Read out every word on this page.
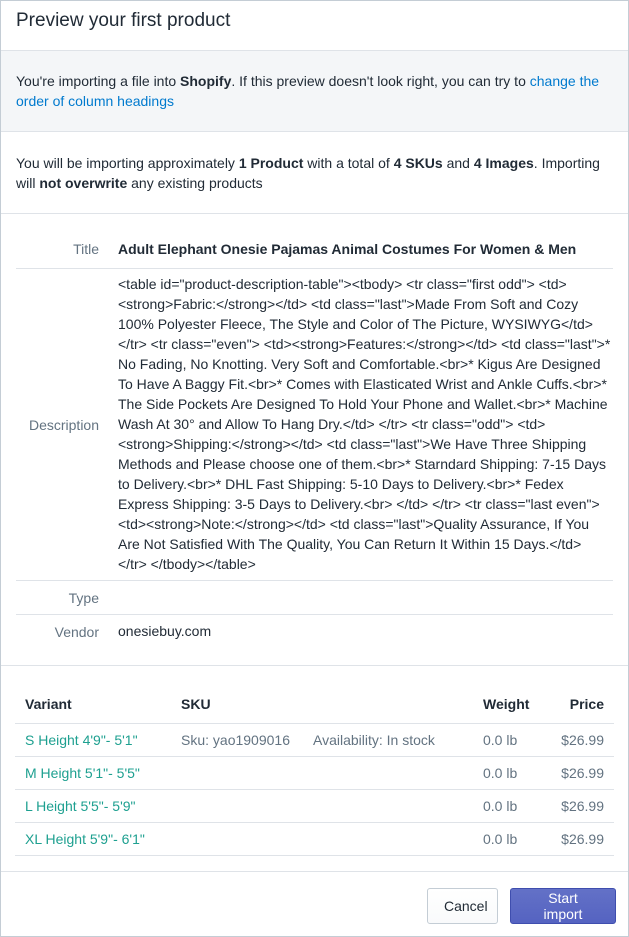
Preview your first product
You're importing a file into Shopify. If this preview doesn't look right, you can try to change the order of column headings
You will be importing approximately 1 Product with a total of 4 SKUs and 4 Images. Importing will not overwrite any existing products
Title	Adult Elephant Onesie Pajamas Animal Costumes For Women & Men
Description
<table id="product-description-table"><tbody> <tr class="first odd"> <td><strong>Fabric:</strong></td> <td class="last">Made From Soft and Cozy 100% Polyester Fleece, The Style and Color of The Picture, WYSIWYG</td> </tr> <tr class="even"> <td><strong>Features:</strong></td> <td class="last">* No Fading, No Knotting. Very Soft and Comfortable.<br>* Kigus Are Designed To Have A Baggy Fit.<br>* Comes with Elasticated Wrist and Ankle Cuffs.<br>* The Side Pockets Are Designed To Hold Your Phone and Wallet.<br>* Machine Wash At 30° and Allow To Hang Dry.</td> </tr> <tr class="odd"> <td><strong>Shipping:</strong></td> <td class="last">We Have Three Shipping Methods and Please choose one of them.<br>* Starndard Shipping: 7-15 Days to Delivery.<br>* DHL Fast Shipping: 5-10 Days to Delivery.<br>* Fedex Express Shipping: 3-5 Days to Delivery.<br> </td> </tr> <tr class="last even"> <td><strong>Note:</strong></td> <td class="last">Quality Assurance, If You Are Not Satisfied With The Quality, You Can Return It Within 15 Days.</td> </tr> </tbody></table>
Type
Vendor	onesiebuy.com
Variant	SKU		Weight	Price
S Height 4'9"- 5'1"	Sku: yao1909016	Availability: In stock	0.0 lb	$26.99
M Height 5'1"- 5'5"			0.0 lb	$26.99
L Height 5'5"- 5'9"			0.0 lb	$26.99
XL Height 5'9"- 6'1"			0.0 lb	$26.99
Cancel	Start import
